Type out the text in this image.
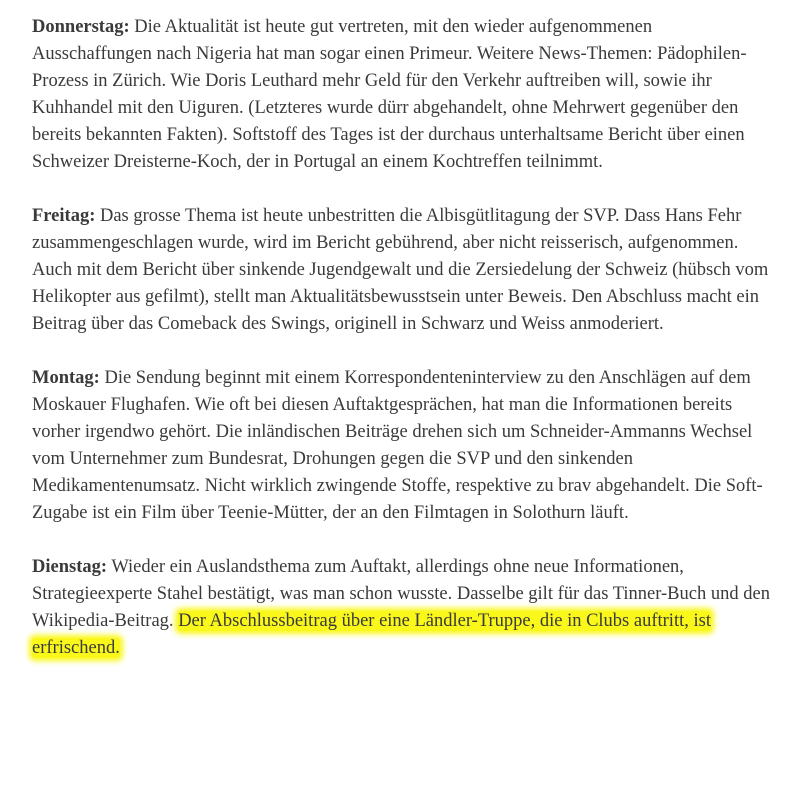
Donnerstag: Die Aktualität ist heute gut vertreten, mit den wieder aufgenommenen Ausschaffungen nach Nigeria hat man sogar einen Primeur. Weitere News-Themen: Pädophilen-Prozess in Zürich. Wie Doris Leuthard mehr Geld für den Verkehr auftreiben will, sowie ihr Kuhhandel mit den Uiguren. (Letzteres wurde dürr abgehandelt, ohne Mehrwert gegenüber den bereits bekannten Fakten). Softstoff des Tages ist der durchaus unterhaltsame Bericht über einen Schweizer Dreisterne-Koch, der in Portugal an einem Kochtreffen teilnimmt.

Freitag: Das grosse Thema ist heute unbestritten die Albisgütlitagung der SVP. Dass Hans Fehr zusammengeschlagen wurde, wird im Bericht gebührend, aber nicht reisserisch, aufgenommen. Auch mit dem Bericht über sinkende Jugendgewalt und die Zersiedelung der Schweiz (hübsch vom Helikopter aus gefilmt), stellt man Aktualitätsbewusstsein unter Beweis. Den Abschluss macht ein Beitrag über das Comeback des Swings, originell in Schwarz und Weiss anmoderiert.

Montag: Die Sendung beginnt mit einem Korrespondenteninterview zu den Anschlägen auf dem Moskauer Flughafen. Wie oft bei diesen Auftaktgesprächen, hat man die Informationen bereits vorher irgendwo gehört. Die inländischen Beiträge drehen sich um Schneider-Ammanns Wechsel vom Unternehmer zum Bundesrat, Drohungen gegen die SVP und den sinkenden Medikamentenumsatz. Nicht wirklich zwingende Stoffe, respektive zu brav abgehandelt. Die Soft-Zugabe ist ein Film über Teenie-Mütter, der an den Filmtagen in Solothurn läuft.

Dienstag: Wieder ein Auslandsthema zum Auftakt, allerdings ohne neue Informationen, Strategieexperte Stahel bestätigt, was man schon wusste. Dasselbe gilt für das Tinner-Buch und den Wikipedia-Beitrag. Der Abschlussbeitrag über eine Ländler-Truppe, die in Clubs auftritt, ist erfrischend.
